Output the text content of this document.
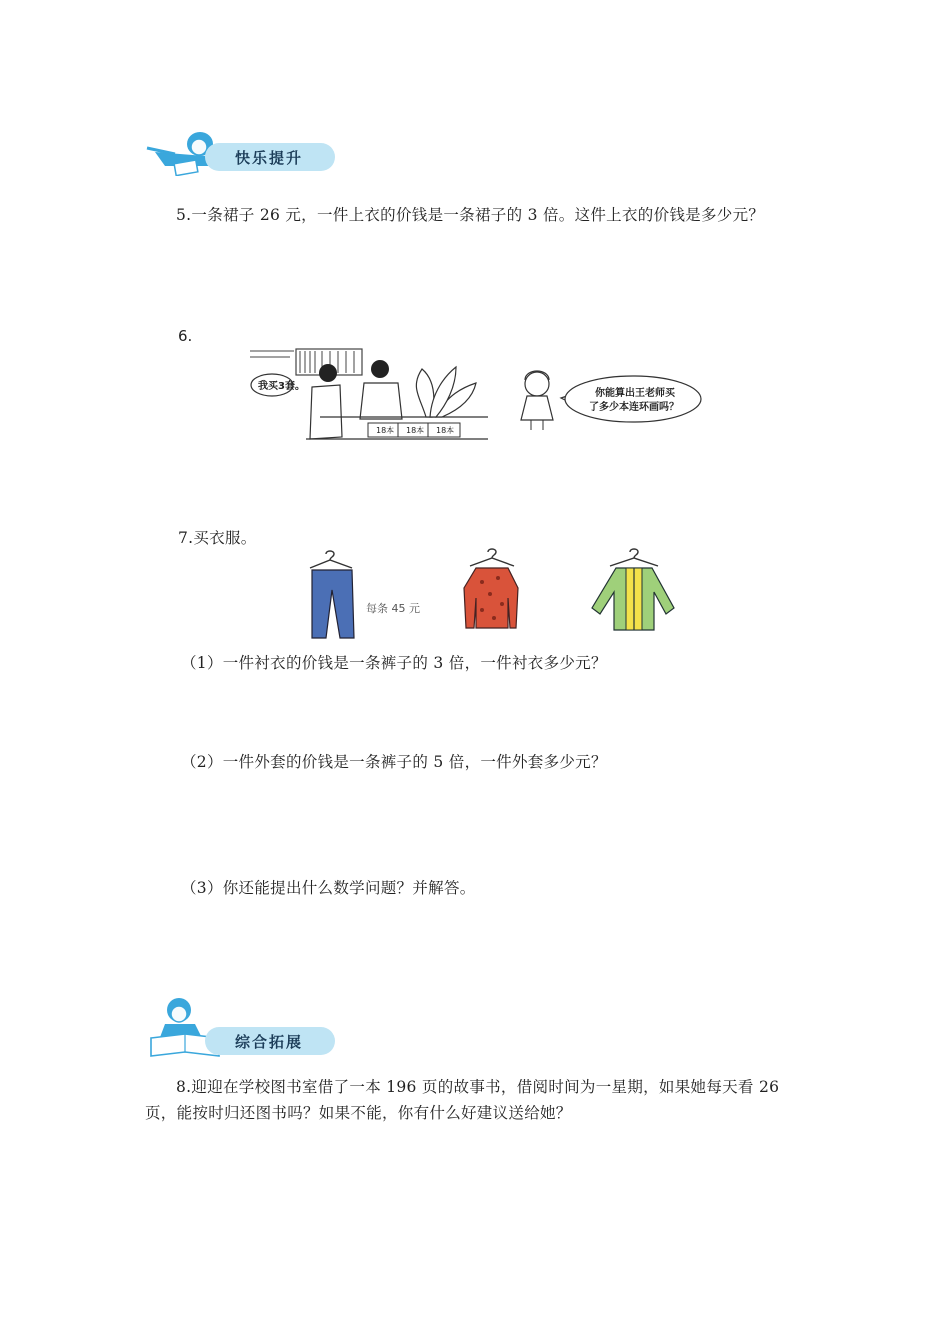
快乐提升
5.一条裙子 26 元，一件上衣的价钱是一条裙子的 3 倍。这件上衣的价钱是多少元？
6.
我买3套。
18本 18本 18本
你能算出王老师买
了多少本连环画吗？
7.买衣服。
每条 45 元
（1）一件衬衣的价钱是一条裤子的 3 倍，一件衬衣多少元？
（2）一件外套的价钱是一条裤子的 5 倍，一件外套多少元？
（3）你还能提出什么数学问题？并解答。
综合拓展
8.迎迎在学校图书室借了一本 196 页的故事书，借阅时间为一星期，如果她每天看 26
页，能按时归还图书吗？如果不能，你有什么好建议送给她？
